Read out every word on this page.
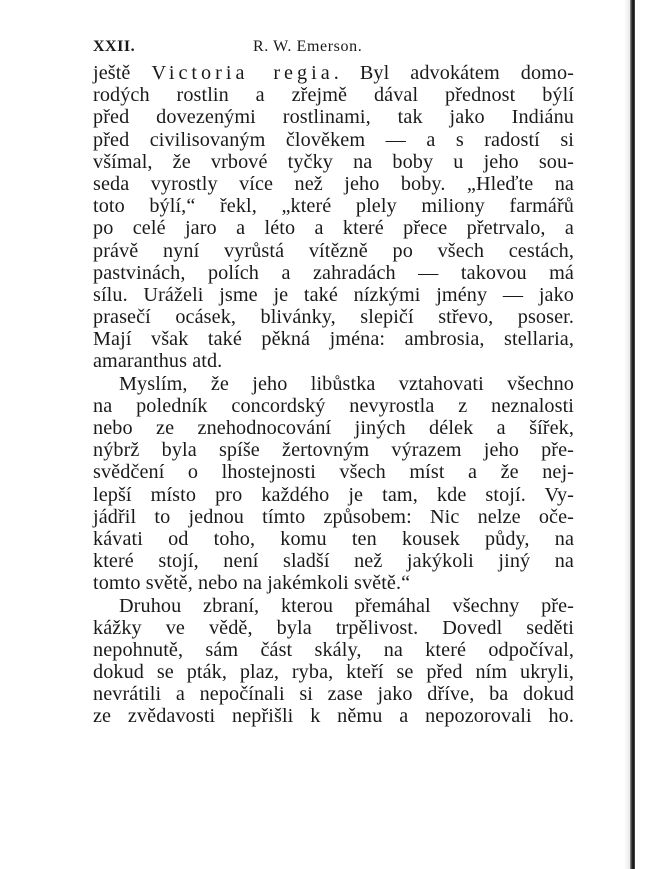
XXII.	R. W. Emerson.
ještě Victoria regia. Byl advokátem domo-
rodých rostlin a zřejmě dával přednost býlí
před dovezenými rostlinami, tak jako Indiánu
před civilisovaným člověkem — a s radostí si
všímal, že vrbové tyčky na boby u jeho sou-
seda vyrostly více než jeho boby. „Hleďte na
toto býlí,“ řekl, „které plely miliony farmářů
po celé jaro a léto a které přece přetrvalo, a
právě nyní vyrůstá vítězně po všech cestách,
pastvinách, polích a zahradách — takovou má
sílu. Uráželi jsme je také nízkými jmény — jako
prasečí ocásek, blivánky, slepičí střevo, psoser.
Mají však také pěkná jména: ambrosia, stellaria,
amaranthus atd.
Myslím, že jeho libůstka vztahovati všechno
na poledník concordský nevyrostla z neznalosti
nebo ze znehodnocování jiných délek a šířek,
nýbrž byla spíše žertovným výrazem jeho pře-
svědčení o lhostejnosti všech míst a že nej-
lepší místo pro každého je tam, kde stojí. Vy-
jádřil to jednou tímto způsobem: Nic nelze oče-
kávati od toho, komu ten kousek půdy, na
které stojí, není sladší než jakýkoli jiný na
tomto světě, nebo na jakémkoli světě.“
Druhou zbraní, kterou přemáhal všechny pře-
kážky ve vědě, byla trpělivost. Dovedl seděti
nepohnutě, sám část skály, na které odpočíval,
dokud se pták, plaz, ryba, kteří se před ním ukryli,
nevrátili a nepočínali si zase jako dříve, ba dokud
ze zvědavosti nepřišli k němu a nepozorovali ho.
